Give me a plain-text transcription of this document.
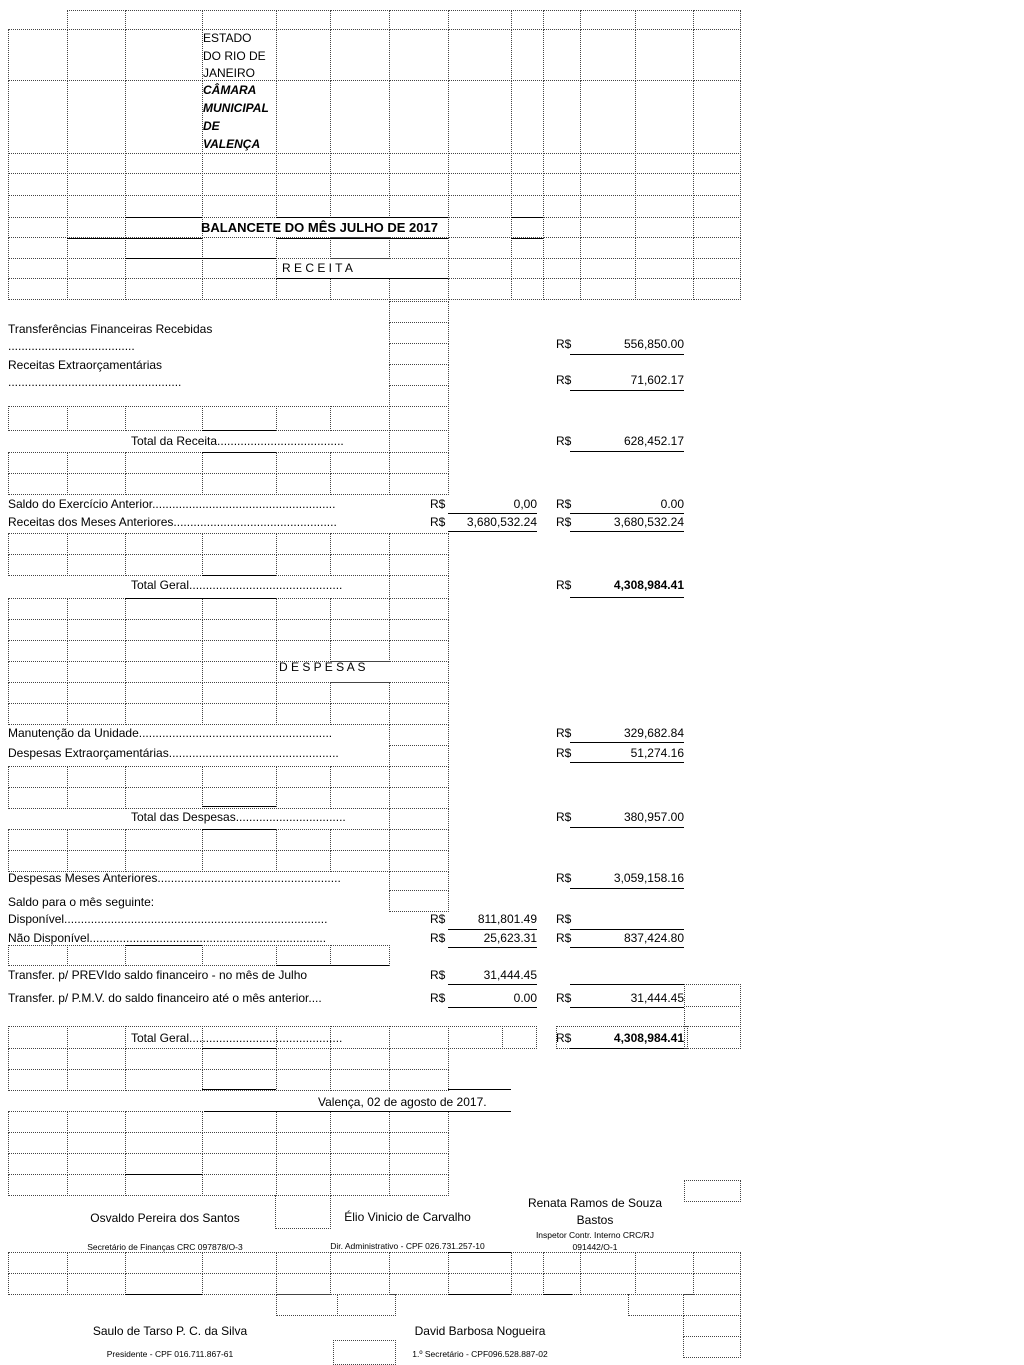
ESTADO
DO RIO DE
JANEIRO
CÂMARA
MUNICIPAL
DE
VALENÇA
BALANCETE DO MÊS JULHO DE 2017
R E C E I T A
Transferências Financeiras Recebidas
......................................	R$	556,850.00
Receitas Extraorçamentárias
....................................................	R$	71,602.17
Total da Receita......................................	R$	628,452.17
Saldo do Exercício Anterior.......................................................	R$	0,00 R$	0.00
Receitas dos Meses Anteriores.................................................	R$	3,680,532.24 R$	3,680,532.24
Total Geral..............................................	R$	4,308,984.41
D E S P E S A S
Manutenção da Unidade..........................................................	R$	329,682.84
Despesas Extraorçamentárias...................................................	R$	51,274.16
Total das Despesas.................................	R$	380,957.00
Despesas Meses Anteriores.......................................................	R$	3,059,158.16
Saldo para o mês seguinte:
Disponível...............................................................................	R$	811,801.49 R$
Não Disponível.......................................................................	R$	25,623.31 R$	837,424.80
Transfer. p/ PREVIdo saldo financeiro - no mês de Julho	R$	31,444.45
Transfer. p/ P.M.V. do saldo financeiro até o mês anterior....	R$	0.00 R$	31,444.45
Total Geral..............................................	R$	4,308,984.41
Valença, 02 de agosto de 2017.
Osvaldo Pereira dos Santos
Secretário de Finanças CRC 097878/O-3
Élio Vinicio de Carvalho
Dir. Administrativo - CPF 026.731.257-10
Renata Ramos de Souza
Bastos
Inspetor Contr. Interno CRC/RJ
091442/O-1
Saulo de Tarso P. C. da Silva
Presidente - CPF 016.711.867-61
David Barbosa Nogueira
1.º Secretário - CPF096.528.887-02
